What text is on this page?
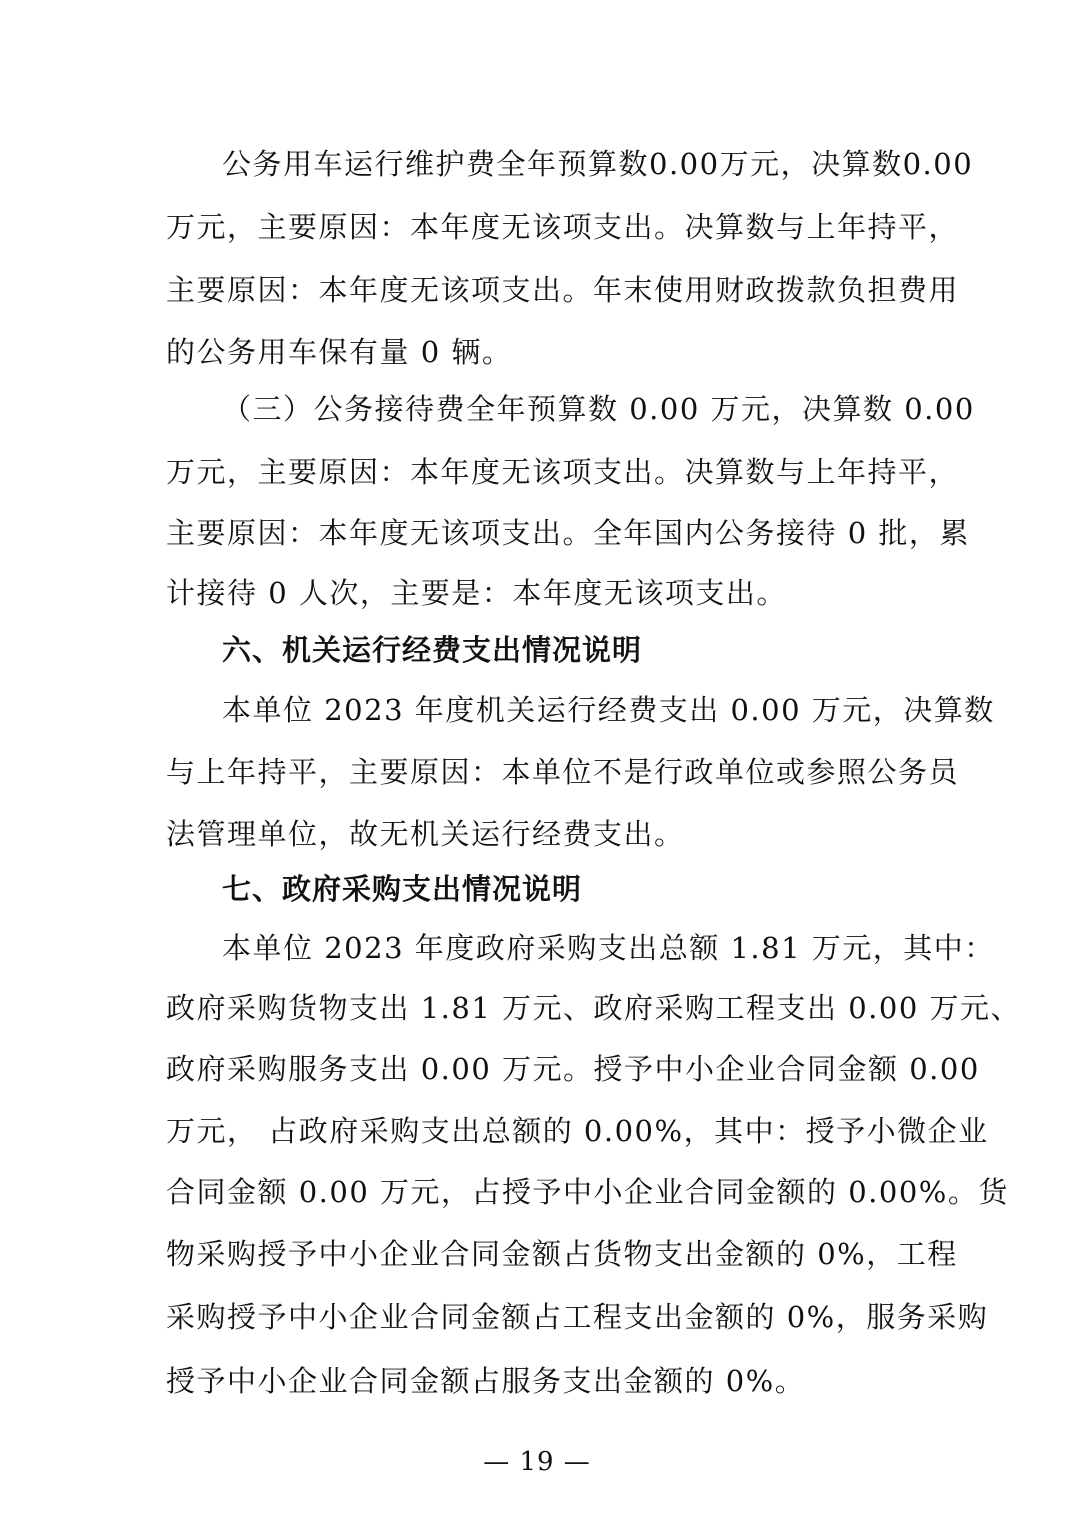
公务用车运行维护费全年预算数0.00万元，决算数0.00
万元，主要原因：本年度无该项支出。决算数与上年持平，
主要原因：本年度无该项支出。年末使用财政拨款负担费用
的公务用车保有量 0 辆。
（三）公务接待费全年预算数 0.00 万元，决算数 0.00
万元，主要原因：本年度无该项支出。决算数与上年持平，
主要原因：本年度无该项支出。全年国内公务接待 0 批，累
计接待 0 人次，主要是：本年度无该项支出。
六、机关运行经费支出情况说明
本单位 2023 年度机关运行经费支出 0.00 万元，决算数
与上年持平，主要原因：本单位不是行政单位或参照公务员
法管理单位，故无机关运行经费支出。
七、政府采购支出情况说明
本单位 2023 年度政府采购支出总额 1.81 万元，其中：
政府采购货物支出 1.81 万元、政府采购工程支出 0.00 万元、
政府采购服务支出 0.00 万元。授予中小企业合同金额 0.00
万元， 占政府采购支出总额的 0.00%，其中：授予小微企业
合同金额 0.00 万元，占授予中小企业合同金额的 0.00%。货
物采购授予中小企业合同金额占货物支出金额的 0%，工程
采购授予中小企业合同金额占工程支出金额的 0%，服务采购
授予中小企业合同金额占服务支出金额的 0%。
— 19 —
